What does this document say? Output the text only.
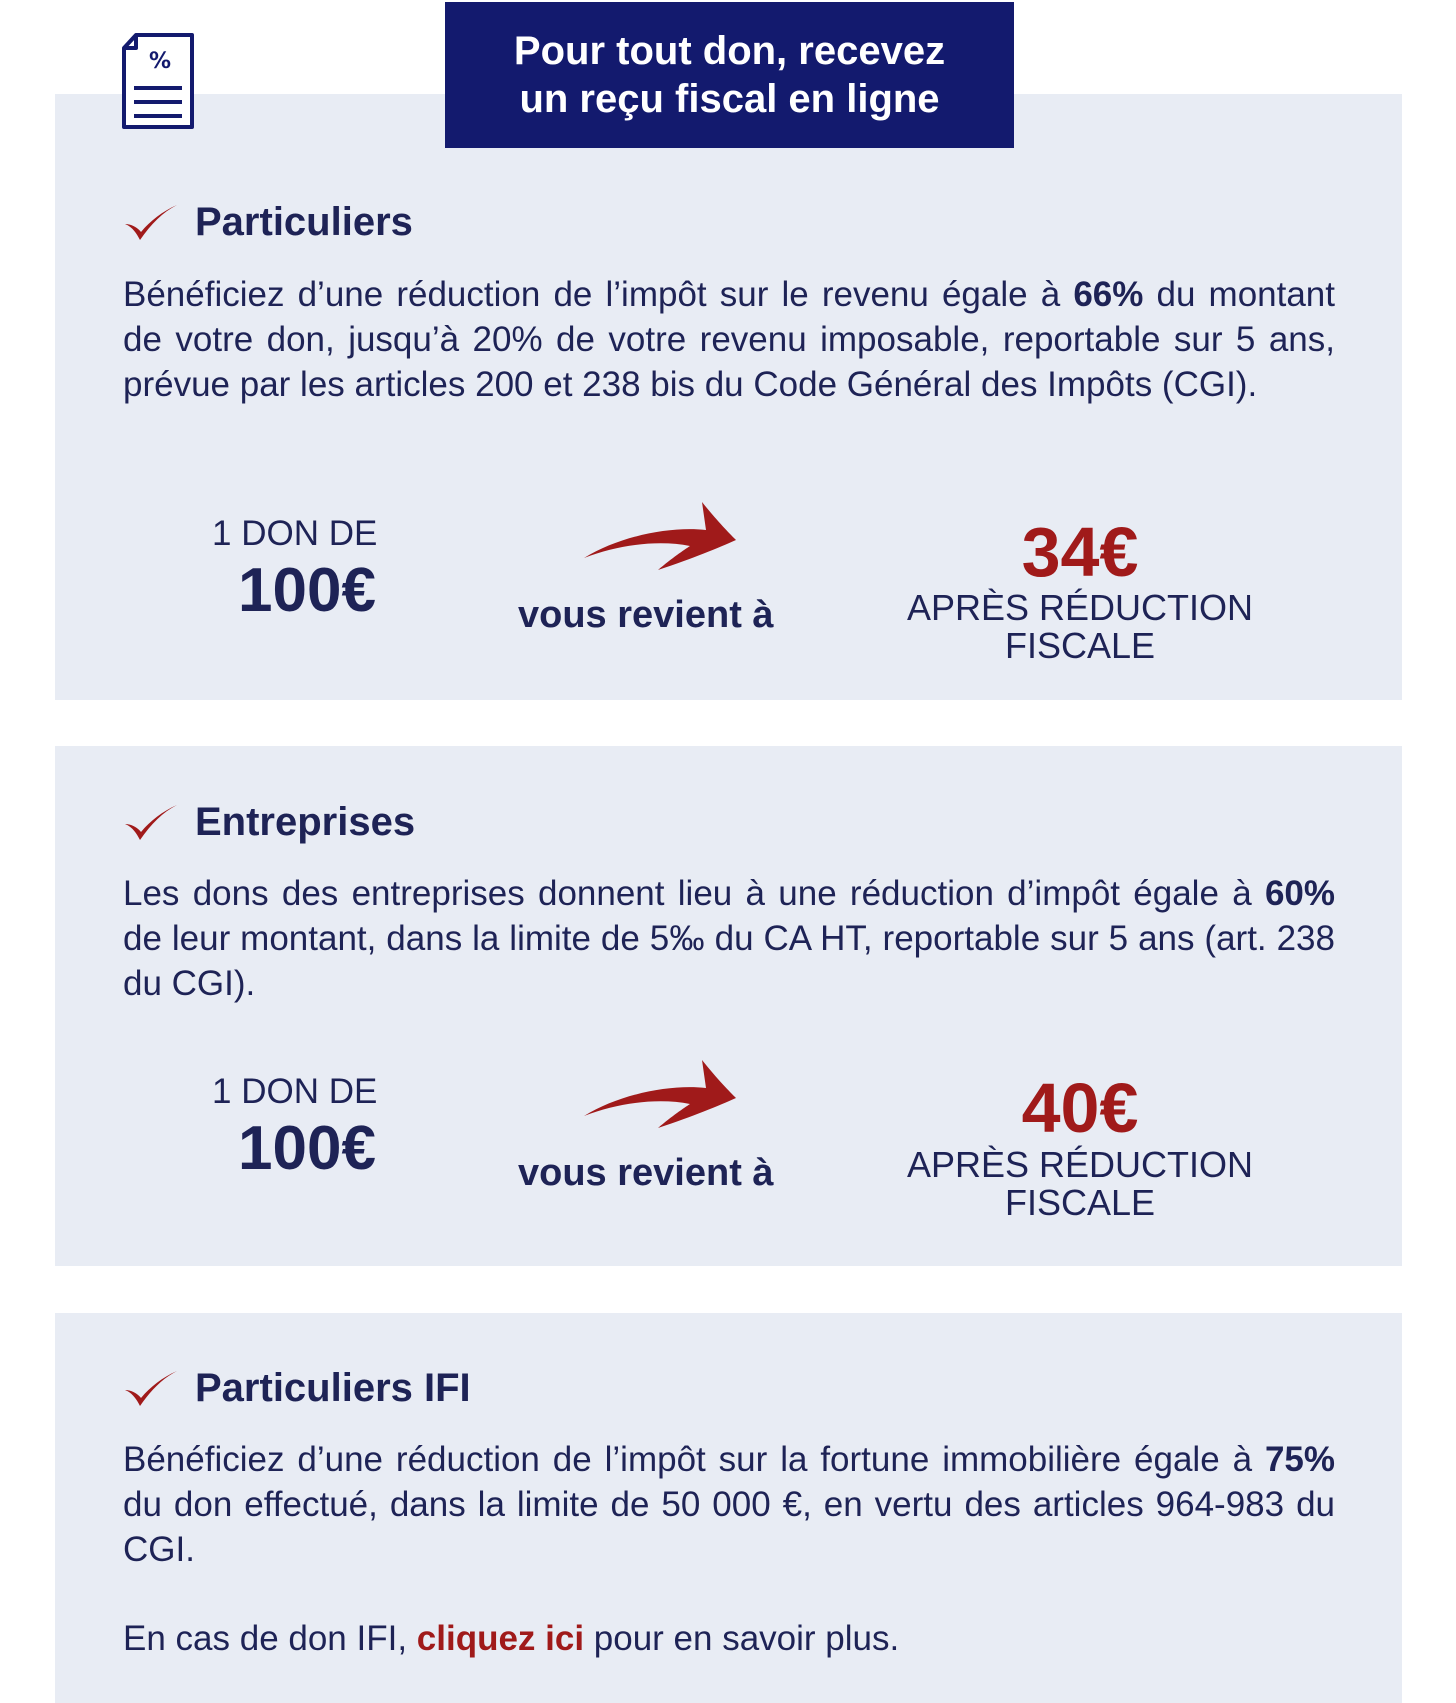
%	Pour tout don, recevez
un reçu fiscal en ligne
Particuliers
Bénéficiez d’une réduction de l’impôt sur le revenu égale à 66% du montant de votre don, jusqu’à 20% de votre revenu imposable, reportable sur 5 ans, prévue par les articles 200 et 238 bis du Code Général des Impôts (CGI).
1 DON DE
100€	vous revient à
34€
APRÈS RÉDUCTION
FISCALE
Entreprises
Les dons des entreprises donnent lieu à une réduction d’impôt égale à 60% de leur montant, dans la limite de 5‰ du CA HT, reportable sur 5 ans (art. 238 du CGI).
1 DON DE
100€	vous revient à
40€
APRÈS RÉDUCTION
FISCALE
Particuliers IFI
Bénéficiez d’une réduction de l’impôt sur la fortune immobilière égale à 75% du don effectué, dans la limite de 50 000 €, en vertu des articles 964-983 du CGI.
En cas de don IFI, cliquez ici pour en savoir plus.
